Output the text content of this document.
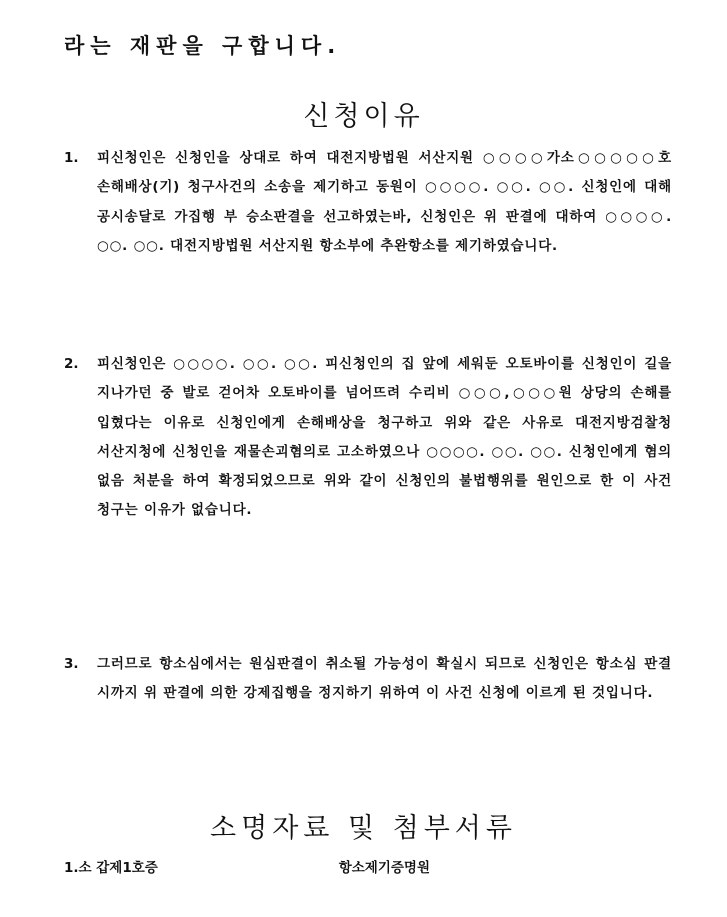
라는 재판을 구합니다.
신청이유
1.	피신청인은 신청인을 상대로 하여 대전지방법원 서산지원 ○○○○가소○○○○○호 손해배상(기) 청구사건의 소송을 제기하고 동원이 ○○○○. ○○. ○○. 신청인에 대해 공시송달로 가집행 부 승소판결을 선고하였는바, 신청인은 위 판결에 대하여 ○○○○. ○○. ○○. 대전지방법원 서산지원 항소부에 추완항소를 제기하였습니다.
2.	피신청인은 ○○○○. ○○. ○○. 피신청인의 집 앞에 세워둔 오토바이를 신청인이 길을 지나가던 중 발로 걷어차 오토바이를 넘어뜨려 수리비 ○○○,○○○원 상당의 손해를 입혔다는 이유로 신청인에게 손해배상을 청구하고 위와 같은 사유로 대전지방검찰청 서산지청에 신청인을 재물손괴혐의로 고소하였으나 ○○○○. ○○. ○○. 신청인에게 혐의 없음 처분을 하여 확정되었으므로 위와 같이 신청인의 불법행위를 원인으로 한 이 사건 청구는 이유가 없습니다.
3.	그러므로 항소심에서는 원심판결이 취소될 가능성이 확실시 되므로 신청인은 항소심 판결 시까지 위 판결에 의한 강제집행을 정지하기 위하여 이 사건 신청에 이르게 된 것입니다.
소명자료 및 첨부서류
1.소 갑제1호증	항소제기증명원
